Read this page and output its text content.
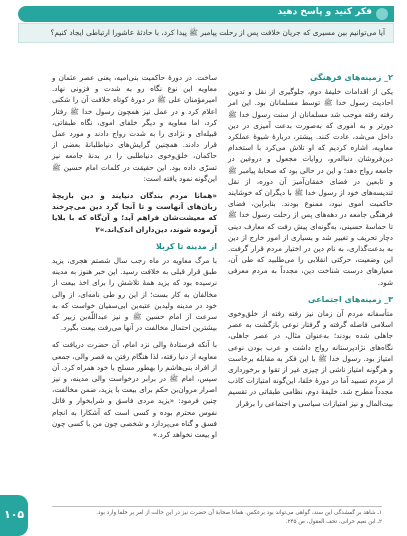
فکر کنید و پاسخ دهید
آیا می‌توانیم بین مسیری که جریان خلافت پس از رحلت پیامبر ﷺ پیدا کرد، با حادثهٔ عاشورا ارتباطی ایجاد کنیم؟
۲_ زمینه‌های فرهنگی
یکی از اقدامات خلیفهٔ دوم، جلوگیری از نقل و تدوین احادیث رسول خدا ﷺ توسط مسلمانان بود. این امر رفته رفته موجب شد مسلمانان از سنت رسول خدا ﷺ دورتر و به اموری که به‌صورت بدعت آمیزی در دین داخل می‌شد، عادت کنند. پیشتر، دربارهٔ شیوهٔ عملکرد معاویه، اشاره کردیم که او تلاش می‌کرد با استخدام دین‌فروشان دنباله‌رو، روایات مجعول و دروغین در جامعه رواج دهد؛ و این در حالی بود که صحابهٔ پیامبر ﷺ و تابعین در فضای خفقان‌آمیز آن دوره، از نقل تندیسه‌های خود از رسول خدا ﷺ با دیگران که خوشایند حاکمیت اموی نبود، ممنوع بودند. بنابراین، فضای فرهنگی جامعه در دهه‌های پس از رحلت رسول خدا ﷺ تا حماسهٔ حسینی، به‌گونه‌ای پیش رفت که معارف دینی دچار تحریف و تغییر شد و بسیاری از امور خارج از دین به بدعت‌گذاری، به نام دین در اختیار مردم قرار گرفت. این وضعیت، حرکتی انقلابی را می‌طلبید که طی آن، معیارهای درست شناخت دین، مجدداً به مردم معرفی شود.
۳_ زمینه‌های اجتماعی
متأسفانه مردم آن زمان نیز رفته رفته از خلق‌وخوی اسلامی فاصله گرفته و گرفتار نوعی بازگشت به عصر جاهلی شده بودند؛ به‌عنوان مثال، در عصر جاهلی، نگاه‌های نژادپرستانه رواج داشت و عرب بودن نوعی امتیاز بود. رسول خدا ﷺ با این فکر به مقابله برخاست و هرگونه امتیاز ناشی از چیزی غیر از تقوا و برخورداری از مردم تسبید آما در دورهٔ خلفا، این‌گونه امتیازات کاذب مجدداً مطرح شد. خلیفهٔ دوم، نظامی طبقاتی در تقسیم بیت‌المال و نیز امتیازات سیاسی و اجتماعی را برقرار
ساخت. در دورهٔ حاکمیت بنی‌امیه، یعنی عصر عثمان و معاویه این نوع نگاه رو به شدت و فزونی نهاد. امیرمؤمنان علی ﷺ در دورهٔ کوتاه خلافت آن را شکنی اعلام کرد و در عمل نیز همچون رسول خدا ﷺ رفتار کرد، اما معاویه و دیگر خلفای اموی، نگاه طبقاتی، قبیله‌ای و نژادی را به شدت رواج دادند و مورد عمل قرار دادند. همچنین گرایش‌های دنیاطلبانهٔ بعضی از حاکمان، خلق‌وخوی دنیاطلبی را در بدنهٔ جامعه نیز تسرّی داده بود. این حقیقت در کلمات امام حسین ﷺ این‌گونه نمود یافته است:
«همانا مردم بندگان دنیایند و دین بازیچهٔ زبان‌های آنهاست و تا آنجا گرد دین می‌چرخند که معیشت‌شان فراهم آید؛ و آن‌گاه که با بلایا آزموده شوند، دین‌داران اندک‌اند.»۲
از مدینه تا کربلا
با مرگ معاویه در ماه رجب سال شصتم هجری، یزید طبق قرار قبلی به خلافت رسید. این خبر هنوز به مدینه نرسیده بود که یزید همهٔ تلاشش را برای اخذ بیعت از مخالفان به کار بست؛ از این رو طی نامه‌ای، از والی خود در مدینه ولیدبن عتبه‌بن ابی‌سفیان خواست که به سرعت از امام حسین ﷺ و نیز عبداللّه‌بن زبیر که بیشترین احتمال مخالفت در آنها می‌رفت بیعت بگیرد.
با آنکه فرستادهٔ والی نزد امام، آن حضرت دریافت که معاویه از دنیا رفته، لذا هنگام رفتن به قصر والی، جمعی از افراد بنی‌هاشم را بهطور مسلح با خود همراه کرد. آن سپس، امام ﷺ در برابر درخواست والی مدینه، و نیز اصرار مروان‌بن حکم برای بیعت با یزید، ضمن مخالفت، چنین فرمود: «یزید مردی فاسق و شرابخوار و قاتل نفوس محترم بوده و کسی است که آشکارا به انجام فسق و گناه می‌پردازد و شخصی چون من با کسی چون او بیعت نخواهد کرد.»
۱ـ شاهد بر گمشدگی این سند، گواهی می‌تواند بود برعکس. همانا صحابهٔ آن حضرت نیز در این حالت از امر بر خلفا وارد بود.
۲ـ ابن نعیم حرانی، تحف العقول، ص ۲۴۵.
۱۰۵
